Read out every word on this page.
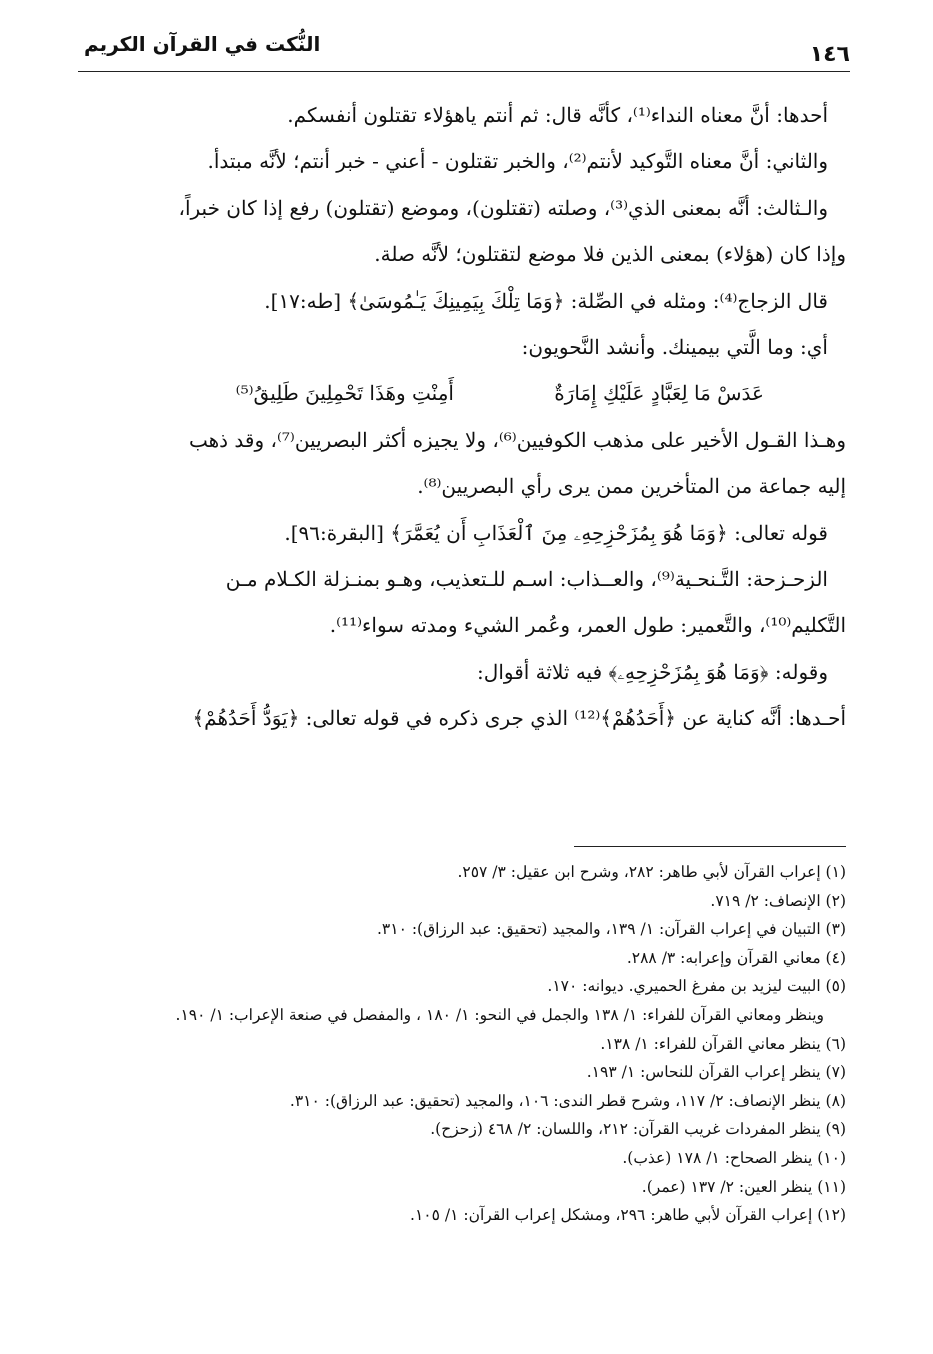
١٤٦
النُّكت في القرآن الكريم

أحدها: أنَّ معناه النداء⁽¹⁾، كأنَّه قال: ثم أنتم ياهؤلاء تقتلون أنفسكم.

والثاني: أنَّ معناه التَّوكيد لأنتم⁽²⁾، والخبر تقتلون - أعني - خبر أنتم؛ لأنَّه مبتدأ.

والـثالث: أنَّه بمعنى الذي⁽³⁾، وصلته (تقتلون)، وموضع (تقتلون) رفع إذا كان خبراً،

وإذا كان (هؤلاء) بمعنى الذين فلا موضع لتقتلون؛ لأنَّه صلة.

قال الزجاج⁽⁴⁾: ومثله في الصِّلة: ﴿وَمَا تِلْكَ بِيَمِينِكَ يَـٰمُوسَىٰ﴾ [طه:١٧].

أي: وما الَّتي بيمينك. وأنشد النَّحويون:

عَدَسْ مَا لِعَبَّادٍ عَلَيْكِ إِمَارَةٌ
أَمِنْتِ وهَذَا تَحْمِلِينَ طَلِيقُ⁽⁵⁾

وهـذا القـول الأخير على مذهب الكوفيين⁽⁶⁾، ولا يجيزه أكثر البصريين⁽⁷⁾، وقد ذهب

إليه جماعة من المتأخرين ممن يرى رأي البصريين⁽⁸⁾.

قوله تعالى: ﴿وَمَا هُوَ بِمُزَحْزِحِهِۦ مِنَ ٱلْعَذَابِ أَن يُعَمَّرَ﴾ [البقرة:٩٦].

الزحـزحة: التَّـنحـية⁽⁹⁾، والعــذاب: اسـم للـتعذيب، وهـو بمنـزلة الكـلام مـن

التَّكليم⁽¹⁰⁾، والتَّعمير: طول العمر، وعُمر الشيء ومدته سواء⁽¹¹⁾.

وقوله: ﴿وَمَا هُوَ بِمُزَحْزِحِهِۦ﴾ فيه ثلاثة أقوال:

أحـدها: أنَّه كناية عن ﴿أَحَدُهُمْ﴾⁽¹²⁾ الذي جرى ذكره في قوله تعالى: ﴿يَوَدُّ أَحَدُهُمْ﴾

(١) إعراب القرآن لأبي طاهر: ٢٨٢، وشرح ابن عقيل: ٣/ ٢٥٧.

(٢) الإنصاف: ٢/ ٧١٩.

(٣) التبيان في إعراب القرآن: ١/ ١٣٩، والمجيد (تحقيق: عبد الرزاق): ٣١٠.

(٤) معاني القرآن وإعرابه: ٣/ ٢٨٨.

(٥) البيت ليزيد بن مفرغ الحميري. ديوانه: ١٧٠.

وينظر ومعاني القرآن للفراء: ١/ ١٣٨ والجمل في النحو: ١/ ١٨٠ ، والمفصل في صنعة الإعراب: ١/ ١٩٠.

(٦) ينظر معاني القرآن للفراء: ١/ ١٣٨.

(٧) ينظر إعراب القرآن للنحاس: ١/ ١٩٣.

(٨) ينظر الإنصاف: ٢/ ١١٧، وشرح قطر الندى: ١٠٦، والمجيد (تحقيق: عبد الرزاق): ٣١٠.

(٩) ينظر المفردات غريب القرآن: ٢١٢، واللسان: ٢/ ٤٦٨ (زحزح).

(١٠) ينظر الصحاح: ١/ ١٧٨ (عذب).

(١١) ينظر العين: ٢/ ١٣٧ (عمر).

(١٢) إعراب القرآن لأبي طاهر: ٢٩٦، ومشكل إعراب القرآن: ١/ ١٠٥.
